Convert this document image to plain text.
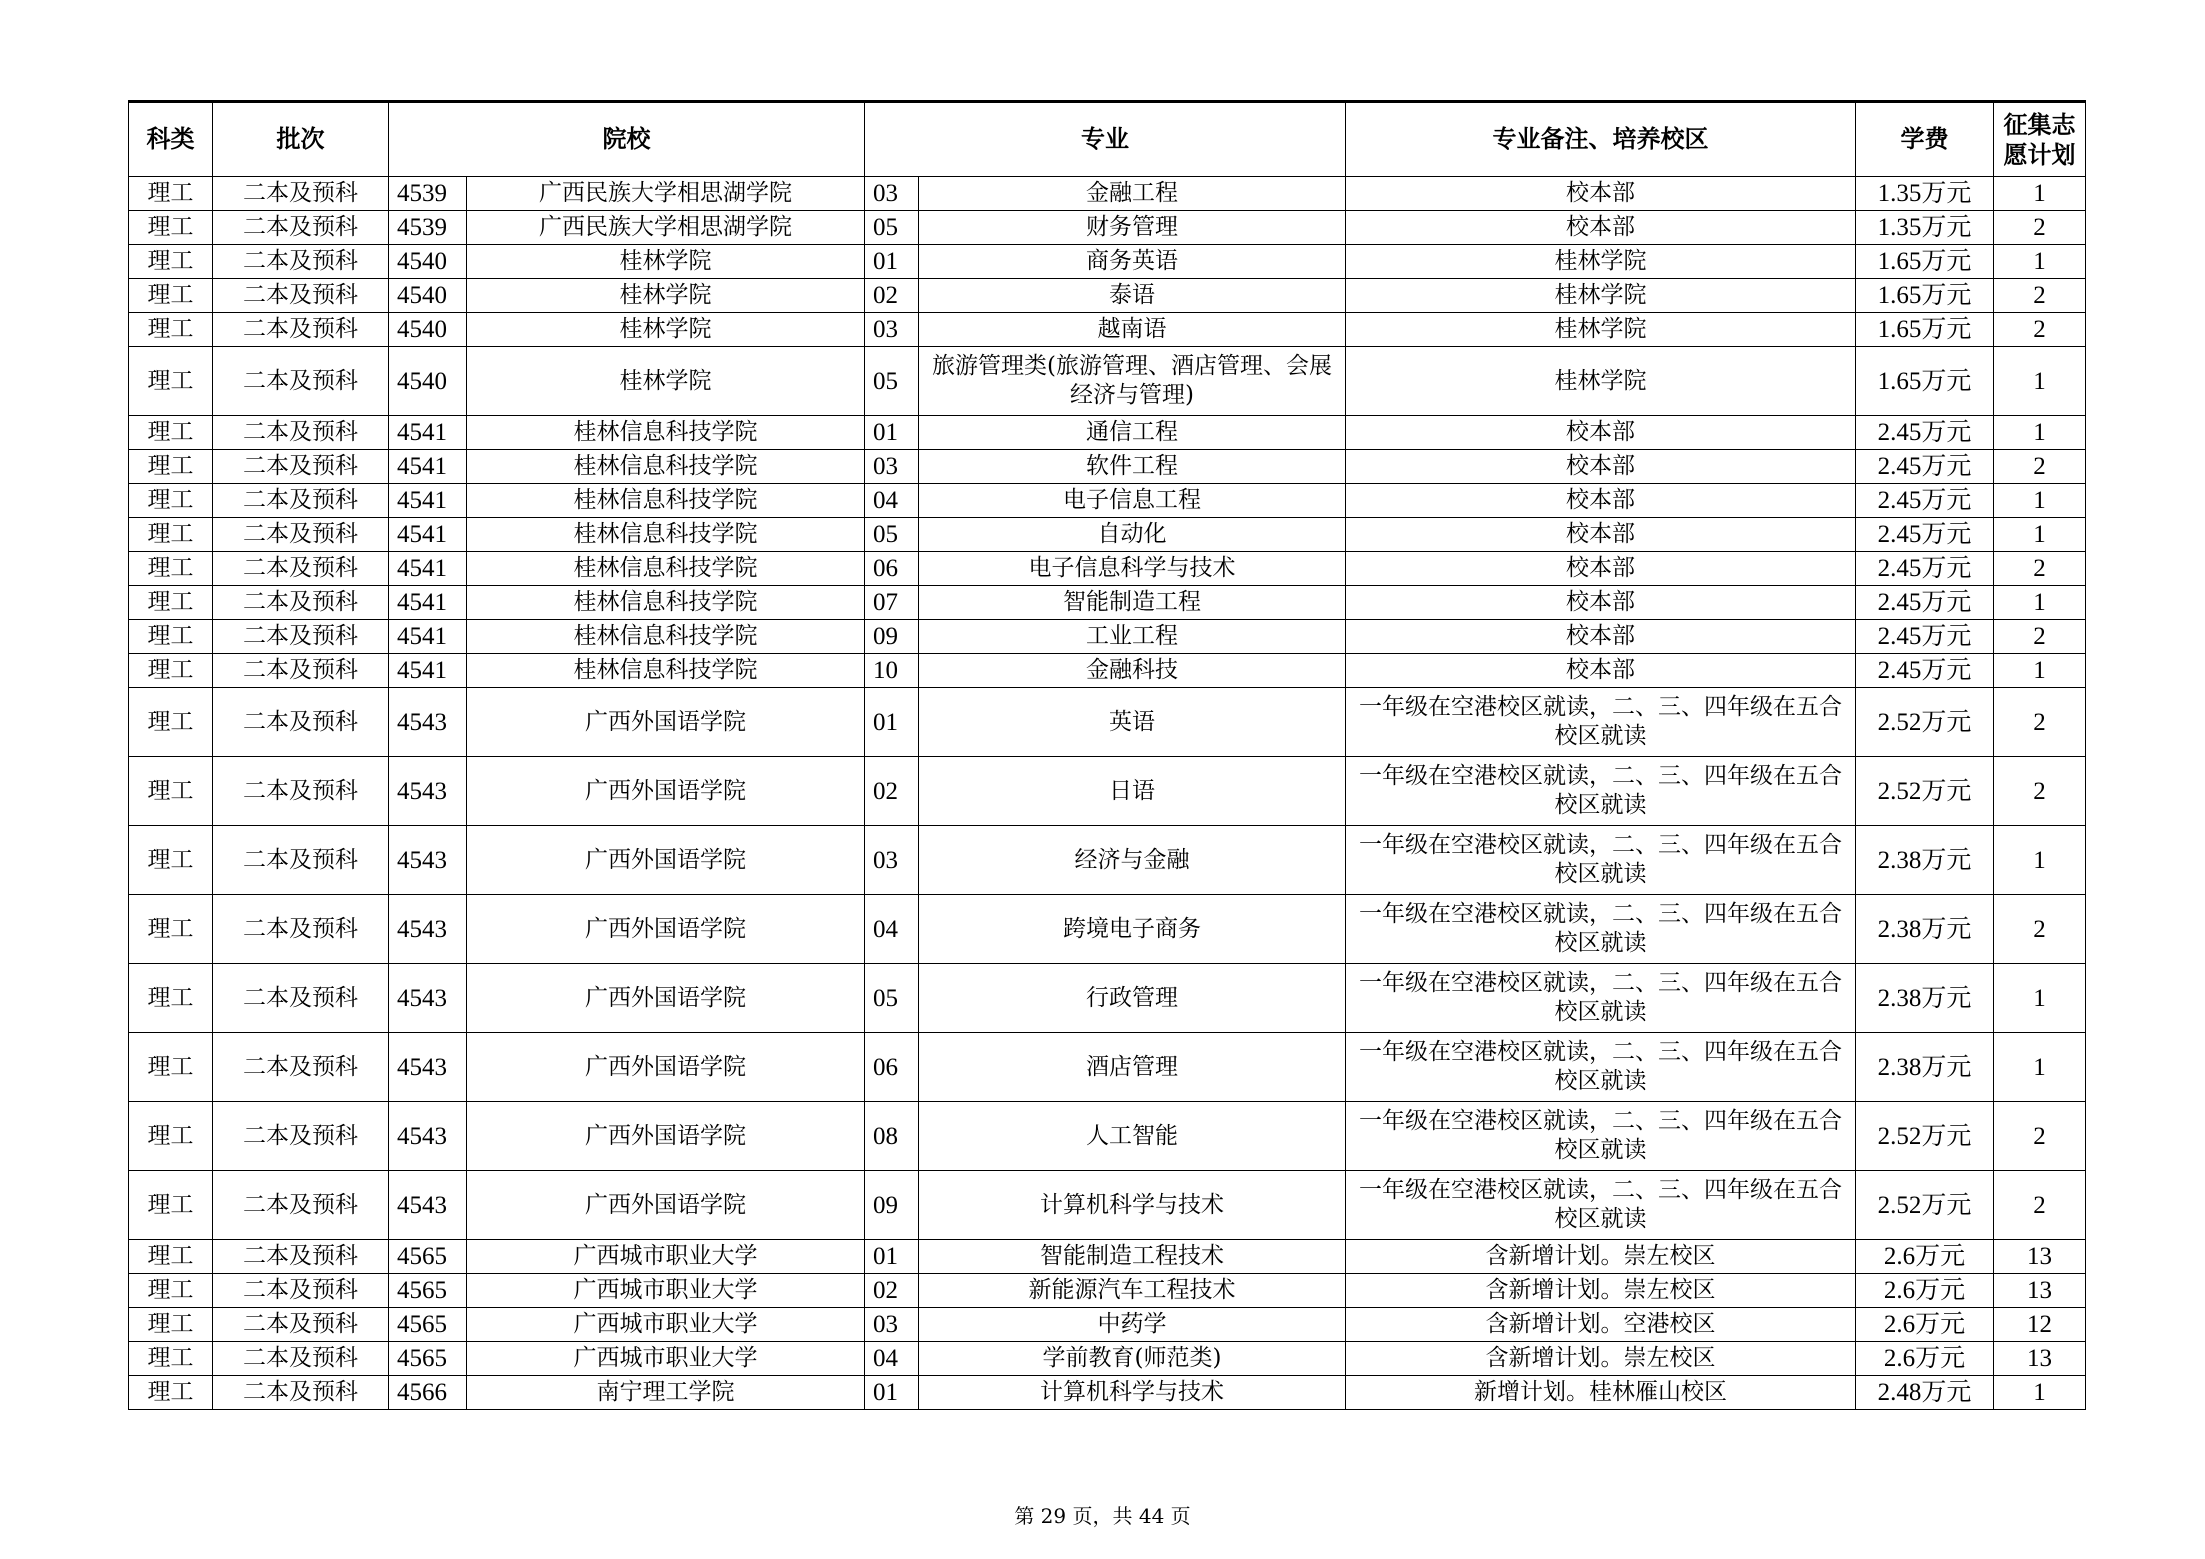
科类	批次	院校		专业		专业备注、培养校区	学费	征集志
愿计划
理工	二本及预科	4539	广西民族大学相思湖学院	03	金融工程	校本部	1.35万元	1
理工	二本及预科	4539	广西民族大学相思湖学院	05	财务管理	校本部	1.35万元	2
理工	二本及预科	4540	桂林学院	01	商务英语	桂林学院	1.65万元	1
理工	二本及预科	4540	桂林学院	02	泰语	桂林学院	1.65万元	2
理工	二本及预科	4540	桂林学院	03	越南语	桂林学院	1.65万元	2
理工	二本及预科	4540	桂林学院	05	旅游管理类(旅游管理、酒店管理、会展经济与管理)	桂林学院	1.65万元	1
理工	二本及预科	4541	桂林信息科技学院	01	通信工程	校本部	2.45万元	1
理工	二本及预科	4541	桂林信息科技学院	03	软件工程	校本部	2.45万元	2
理工	二本及预科	4541	桂林信息科技学院	04	电子信息工程	校本部	2.45万元	1
理工	二本及预科	4541	桂林信息科技学院	05	自动化	校本部	2.45万元	1
理工	二本及预科	4541	桂林信息科技学院	06	电子信息科学与技术	校本部	2.45万元	2
理工	二本及预科	4541	桂林信息科技学院	07	智能制造工程	校本部	2.45万元	1
理工	二本及预科	4541	桂林信息科技学院	09	工业工程	校本部	2.45万元	2
理工	二本及预科	4541	桂林信息科技学院	10	金融科技	校本部	2.45万元	1
理工	二本及预科	4543	广西外国语学院	01	英语	一年级在空港校区就读，二、三、四年级在五合校区就读	2.52万元	2
理工	二本及预科	4543	广西外国语学院	02	日语	一年级在空港校区就读，二、三、四年级在五合校区就读	2.52万元	2
理工	二本及预科	4543	广西外国语学院	03	经济与金融	一年级在空港校区就读，二、三、四年级在五合校区就读	2.38万元	1
理工	二本及预科	4543	广西外国语学院	04	跨境电子商务	一年级在空港校区就读，二、三、四年级在五合校区就读	2.38万元	2
理工	二本及预科	4543	广西外国语学院	05	行政管理	一年级在空港校区就读，二、三、四年级在五合校区就读	2.38万元	1
理工	二本及预科	4543	广西外国语学院	06	酒店管理	一年级在空港校区就读，二、三、四年级在五合校区就读	2.38万元	1
理工	二本及预科	4543	广西外国语学院	08	人工智能	一年级在空港校区就读，二、三、四年级在五合校区就读	2.52万元	2
理工	二本及预科	4543	广西外国语学院	09	计算机科学与技术	一年级在空港校区就读，二、三、四年级在五合校区就读	2.52万元	2
理工	二本及预科	4565	广西城市职业大学	01	智能制造工程技术	含新增计划。崇左校区	2.6万元	13
理工	二本及预科	4565	广西城市职业大学	02	新能源汽车工程技术	含新增计划。崇左校区	2.6万元	13
理工	二本及预科	4565	广西城市职业大学	03	中药学	含新增计划。空港校区	2.6万元	12
理工	二本及预科	4565	广西城市职业大学	04	学前教育(师范类)	含新增计划。崇左校区	2.6万元	13
理工	二本及预科	4566	南宁理工学院	01	计算机科学与技术	新增计划。桂林雁山校区	2.48万元	1
第 29 页，共 44 页
